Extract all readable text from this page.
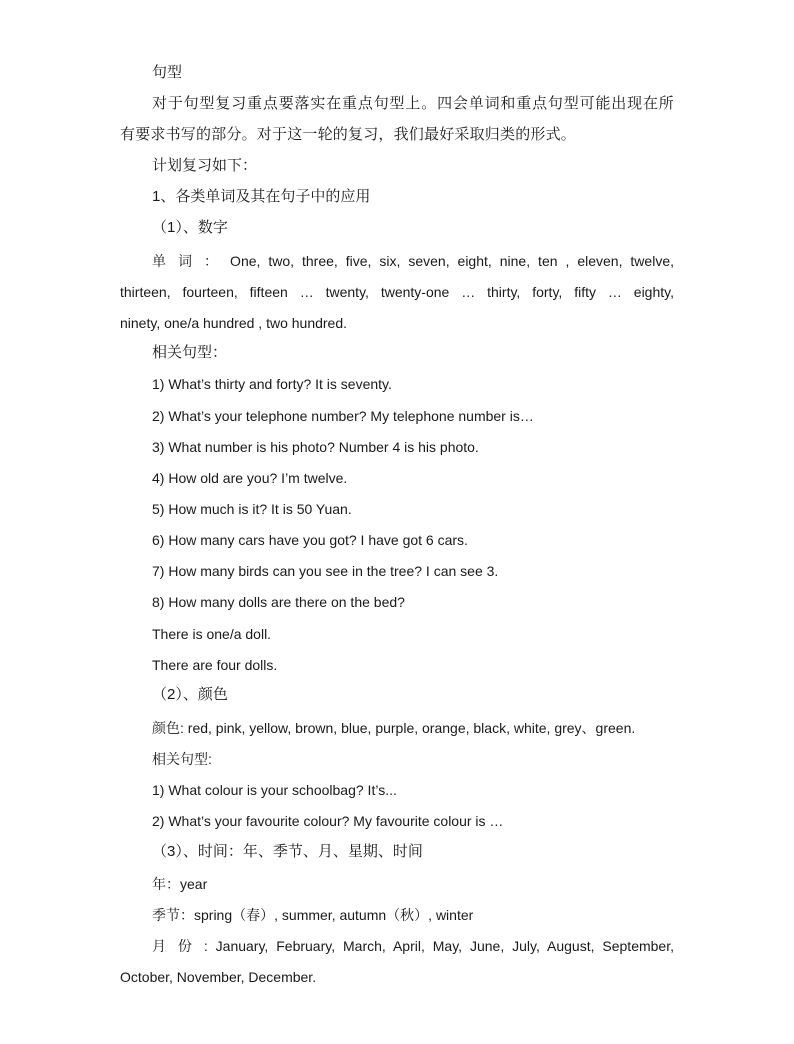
句型
对于句型复习重点要落实在重点句型上。四会单词和重点句型可能出现在所
有要求书写的部分。对于这一轮的复习，我们最好采取归类的形式。
计划复习如下：
1、各类单词及其在句子中的应用
（1）、数字
单 词 ： One, two, three, five, six, seven, eight, nine, ten , eleven, twelve,
thirteen, fourteen, fifteen … twenty, twenty-one … thirty, forty, fifty … eighty,
ninety, one/a hundred , two hundred.
相关句型：
1) What’s thirty and forty? It is seventy.
2) What’s your telephone number? My telephone number is…
3) What number is his photo? Number 4 is his photo.
4) How old are you? I’m twelve.
5) How much is it? It is 50 Yuan.
6) How many cars have you got? I have got 6 cars.
7) How many birds can you see in the tree? I can see 3.
8) How many dolls are there on the bed?
There is one/a doll.
There are four dolls.
（2）、颜色
颜色: red, pink, yellow, brown, blue, purple, orange, black, white, grey、green.
相关句型:
1) What colour is your schoolbag? It’s...
2) What’s your favourite colour? My favourite colour is …
（3）、时间：年、季节、月、星期、时间
年：year
季节：spring（春）, summer, autumn（秋）, winter
月 份 : January, February, March, April, May, June, July, August, September,
October, November, December.
